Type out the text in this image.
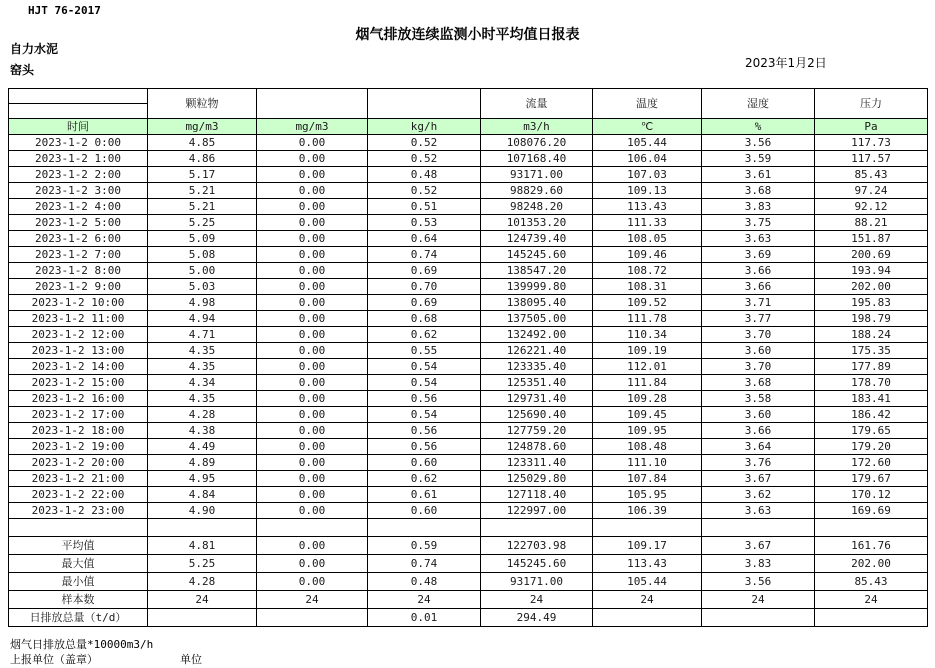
HJT 76-2017
烟气排放连续监测小时平均值日报表
自力水泥
窑头	2023年1月2日
	颗粒物			流量	温度	湿度	压力

时间	mg/m3	mg/m3	kg/h	m3/h	℃	%	Pa
2023-1-2 0:00	4.85	0.00	0.52	108076.20	105.44	3.56	117.73
2023-1-2 1:00	4.86	0.00	0.52	107168.40	106.04	3.59	117.57
2023-1-2 2:00	5.17	0.00	0.48	93171.00	107.03	3.61	85.43
2023-1-2 3:00	5.21	0.00	0.52	98829.60	109.13	3.68	97.24
2023-1-2 4:00	5.21	0.00	0.51	98248.20	113.43	3.83	92.12
2023-1-2 5:00	5.25	0.00	0.53	101353.20	111.33	3.75	88.21
2023-1-2 6:00	5.09	0.00	0.64	124739.40	108.05	3.63	151.87
2023-1-2 7:00	5.08	0.00	0.74	145245.60	109.46	3.69	200.69
2023-1-2 8:00	5.00	0.00	0.69	138547.20	108.72	3.66	193.94
2023-1-2 9:00	5.03	0.00	0.70	139999.80	108.31	3.66	202.00
2023-1-2 10:00	4.98	0.00	0.69	138095.40	109.52	3.71	195.83
2023-1-2 11:00	4.94	0.00	0.68	137505.00	111.78	3.77	198.79
2023-1-2 12:00	4.71	0.00	0.62	132492.00	110.34	3.70	188.24
2023-1-2 13:00	4.35	0.00	0.55	126221.40	109.19	3.60	175.35
2023-1-2 14:00	4.35	0.00	0.54	123335.40	112.01	3.70	177.89
2023-1-2 15:00	4.34	0.00	0.54	125351.40	111.84	3.68	178.70
2023-1-2 16:00	4.35	0.00	0.56	129731.40	109.28	3.58	183.41
2023-1-2 17:00	4.28	0.00	0.54	125690.40	109.45	3.60	186.42
2023-1-2 18:00	4.38	0.00	0.56	127759.20	109.95	3.66	179.65
2023-1-2 19:00	4.49	0.00	0.56	124878.60	108.48	3.64	179.20
2023-1-2 20:00	4.89	0.00	0.60	123311.40	111.10	3.76	172.60
2023-1-2 21:00	4.95	0.00	0.62	125029.80	107.84	3.67	179.67
2023-1-2 22:00	4.84	0.00	0.61	127118.40	105.95	3.62	170.12
2023-1-2 23:00	4.90	0.00	0.60	122997.00	106.39	3.63	169.69

平均值	4.81	0.00	0.59	122703.98	109.17	3.67	161.76
最大值	5.25	0.00	0.74	145245.60	113.43	3.83	202.00
最小值	4.28	0.00	0.48	93171.00	105.44	3.56	85.43
样本数	24	24	24	24	24	24	24
日排放总量（t/d）			0.01	294.49			
烟气日排放总量*10000m3/h
上报单位（盖章）	单位
